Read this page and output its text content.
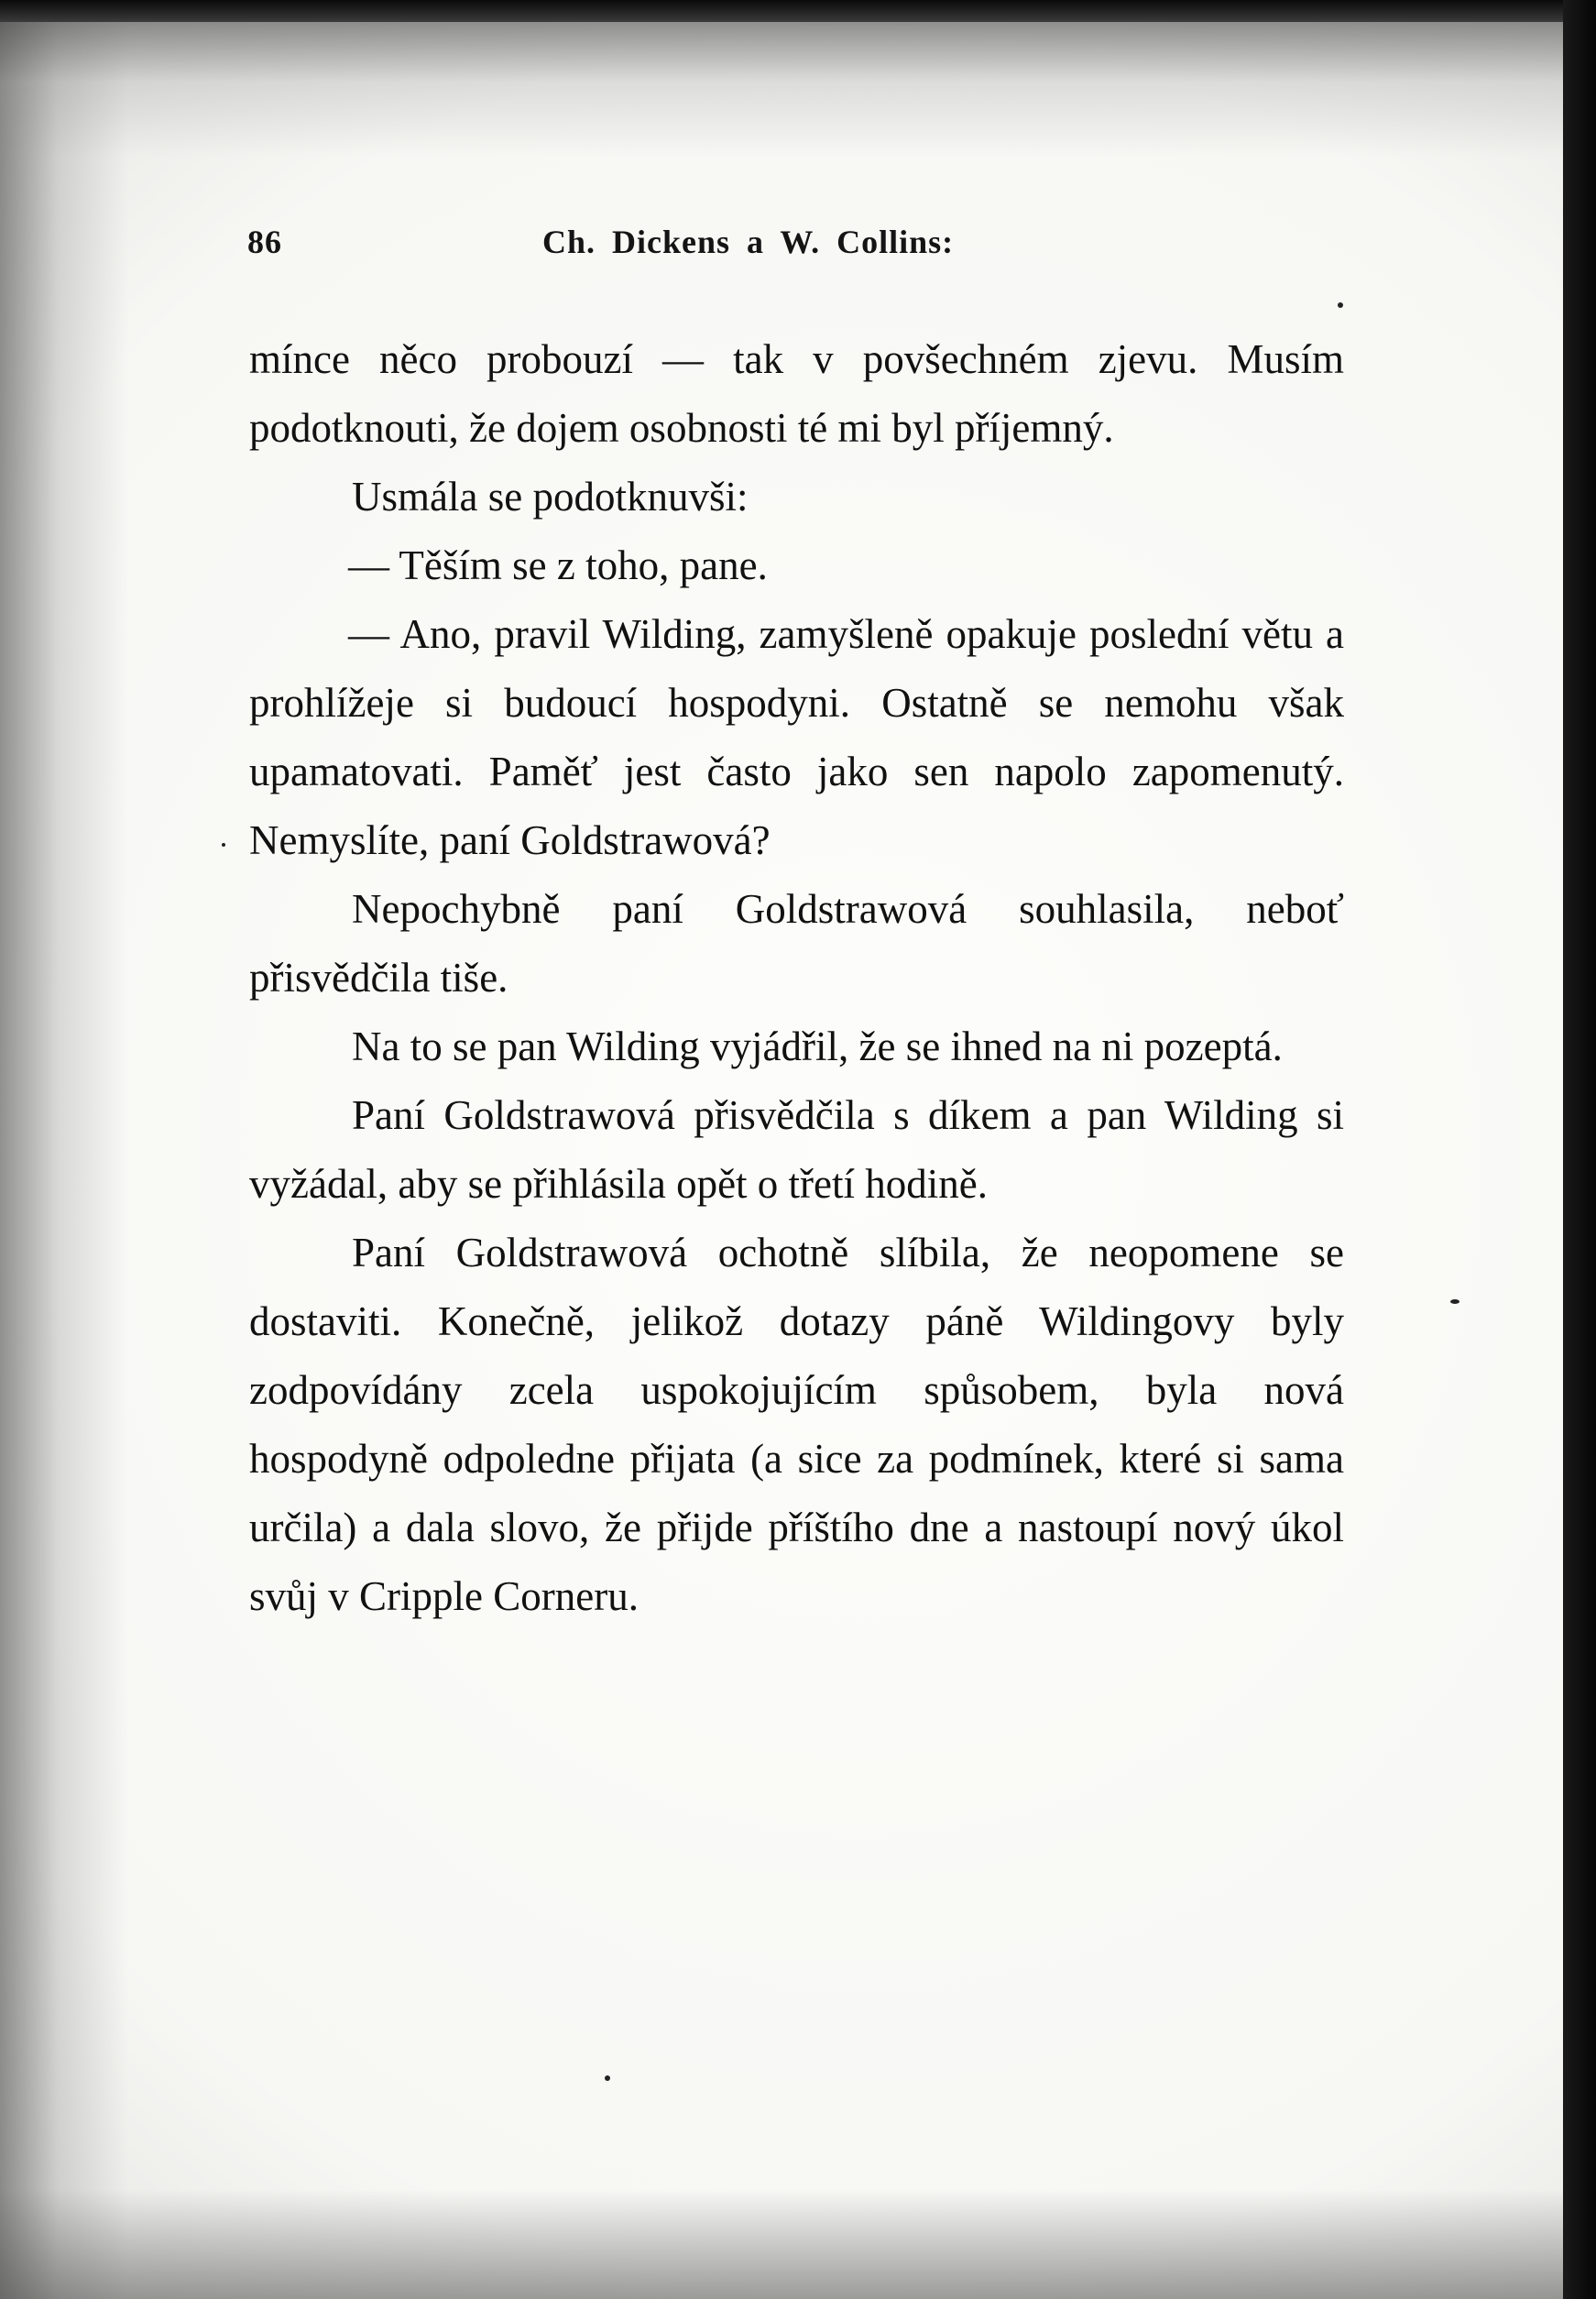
86	Ch. Dickens a W. Collins:

mínce něco probouzí — tak v povšechném zjevu. Musím podotknouti, že dojem osobnosti té mi byl příjemný.

Usmála se podotknuvši:

— Těším se z toho, pane.

— Ano, pravil Wilding, zamyšleně opakuje poslední větu a prohlížeje si budoucí hospodyni. Ostatně se nemohu však upamatovati. Paměť jest často jako sen napolo zapomenutý. Nemyslíte, paní Goldstrawová?

Nepochybně paní Goldstrawová souhlasila, neboť přisvědčila tiše.

Na to se pan Wilding vyjádřil, že se ihned na ni pozeptá.

Paní Goldstrawová přisvědčila s díkem a pan Wilding si vyžádal, aby se přihlásila opět o třetí hodině.

Paní Goldstrawová ochotně slíbila, že neopomene se dostaviti. Konečně, jelikož dotazy páně Wildingovy byly zodpovídány zcela uspokojujícím spůsobem, byla nová hospodyně odpoledne přijata (a sice za podmínek, které si sama určila) a dala slovo, že přijde příštího dne a nastoupí nový úkol svůj v Cripple Corneru.
